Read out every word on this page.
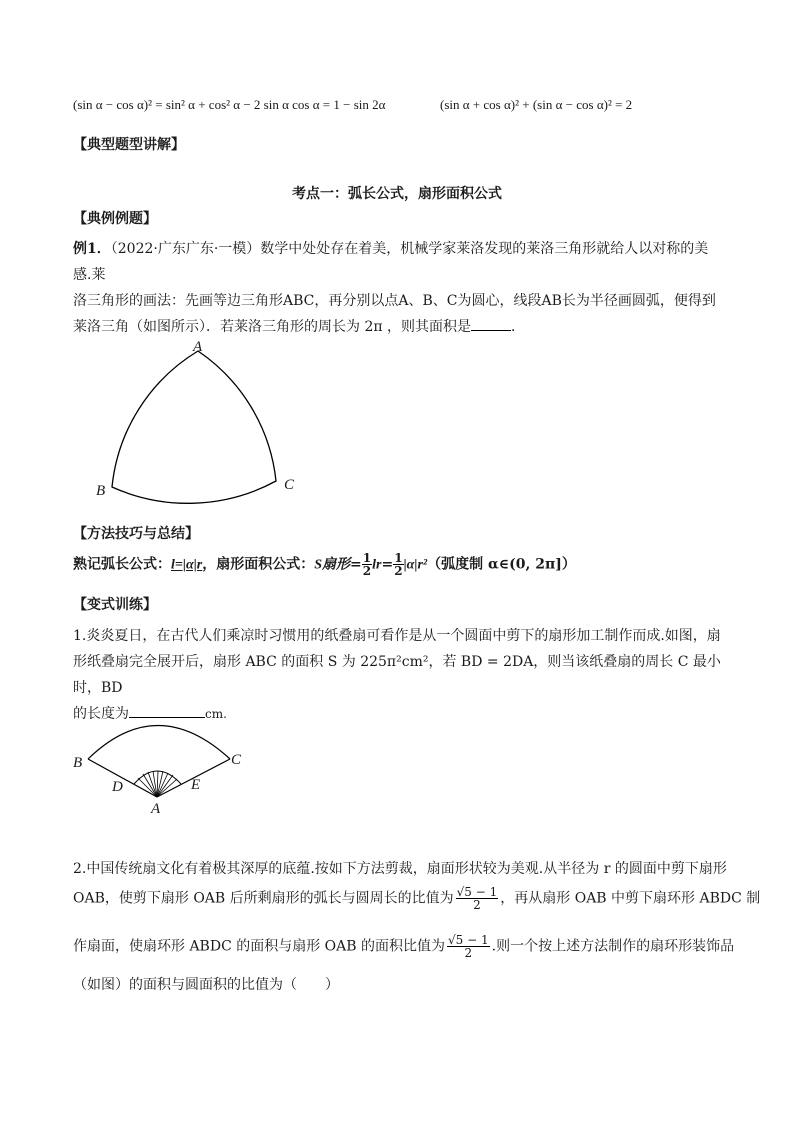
(sin α − cos α)² = sin² α + cos² α − 2 sin α cos α = 1 − sin 2α	(sin α + cos α)² + (sin α − cos α)² = 2
【典型题型讲解】
考点一：弧长公式，扇形面积公式
【典例例题】
例1．（2022·广东广东·一模）数学中处处存在着美，机械学家莱洛发现的莱洛三角形就给人以对称的美感.莱
洛三角形的画法：先画等边三角形ABC，再分别以点A、B、C为圆心，线段AB长为半径画圆弧，便得到
莱洛三角（如图所示）．若莱洛三角形的周长为 2π ，则其面积是	．
A
B	C
【方法技巧与总结】
熟记弧长公式：l=|α|r，扇形面积公式：S扇形= $\frac{1}{2} lr= \frac{1}{2} |\alpha|r^2$（弧度制 α∈(0, 2π]）
【变式训练】
1.炎炎夏日，在古代人们乘凉时习惯用的纸叠扇可看作是从一个圆面中剪下的扇形加工制作而成.如图，扇
形纸叠扇完全展开后，扇形 ABC 的面积 S 为 225π²cm²，若 BD = 2DA，则当该纸叠扇的周长 C 最小时，BD
的长度为	cm.
B	C
D	E
A
2.中国传统扇文化有着极其深厚的底蕴.按如下方法剪裁，扇面形状较为美观.从半径为 r 的圆面中剪下扇形
OAB，使剪下扇形 OAB 后所剩扇形的弧长与圆周长的比值为 $\frac{√5 - 1}{2}$ ，再从扇形 OAB 中剪下扇环形 ABDC 制
作扇面，使扇环形 ABDC 的面积与扇形 OAB 的面积比值为 $\frac{√5 - 1}{2}$ .则一个按上述方法制作的扇环形装饰品
（如图）的面积与圆面积的比值为（　　）
